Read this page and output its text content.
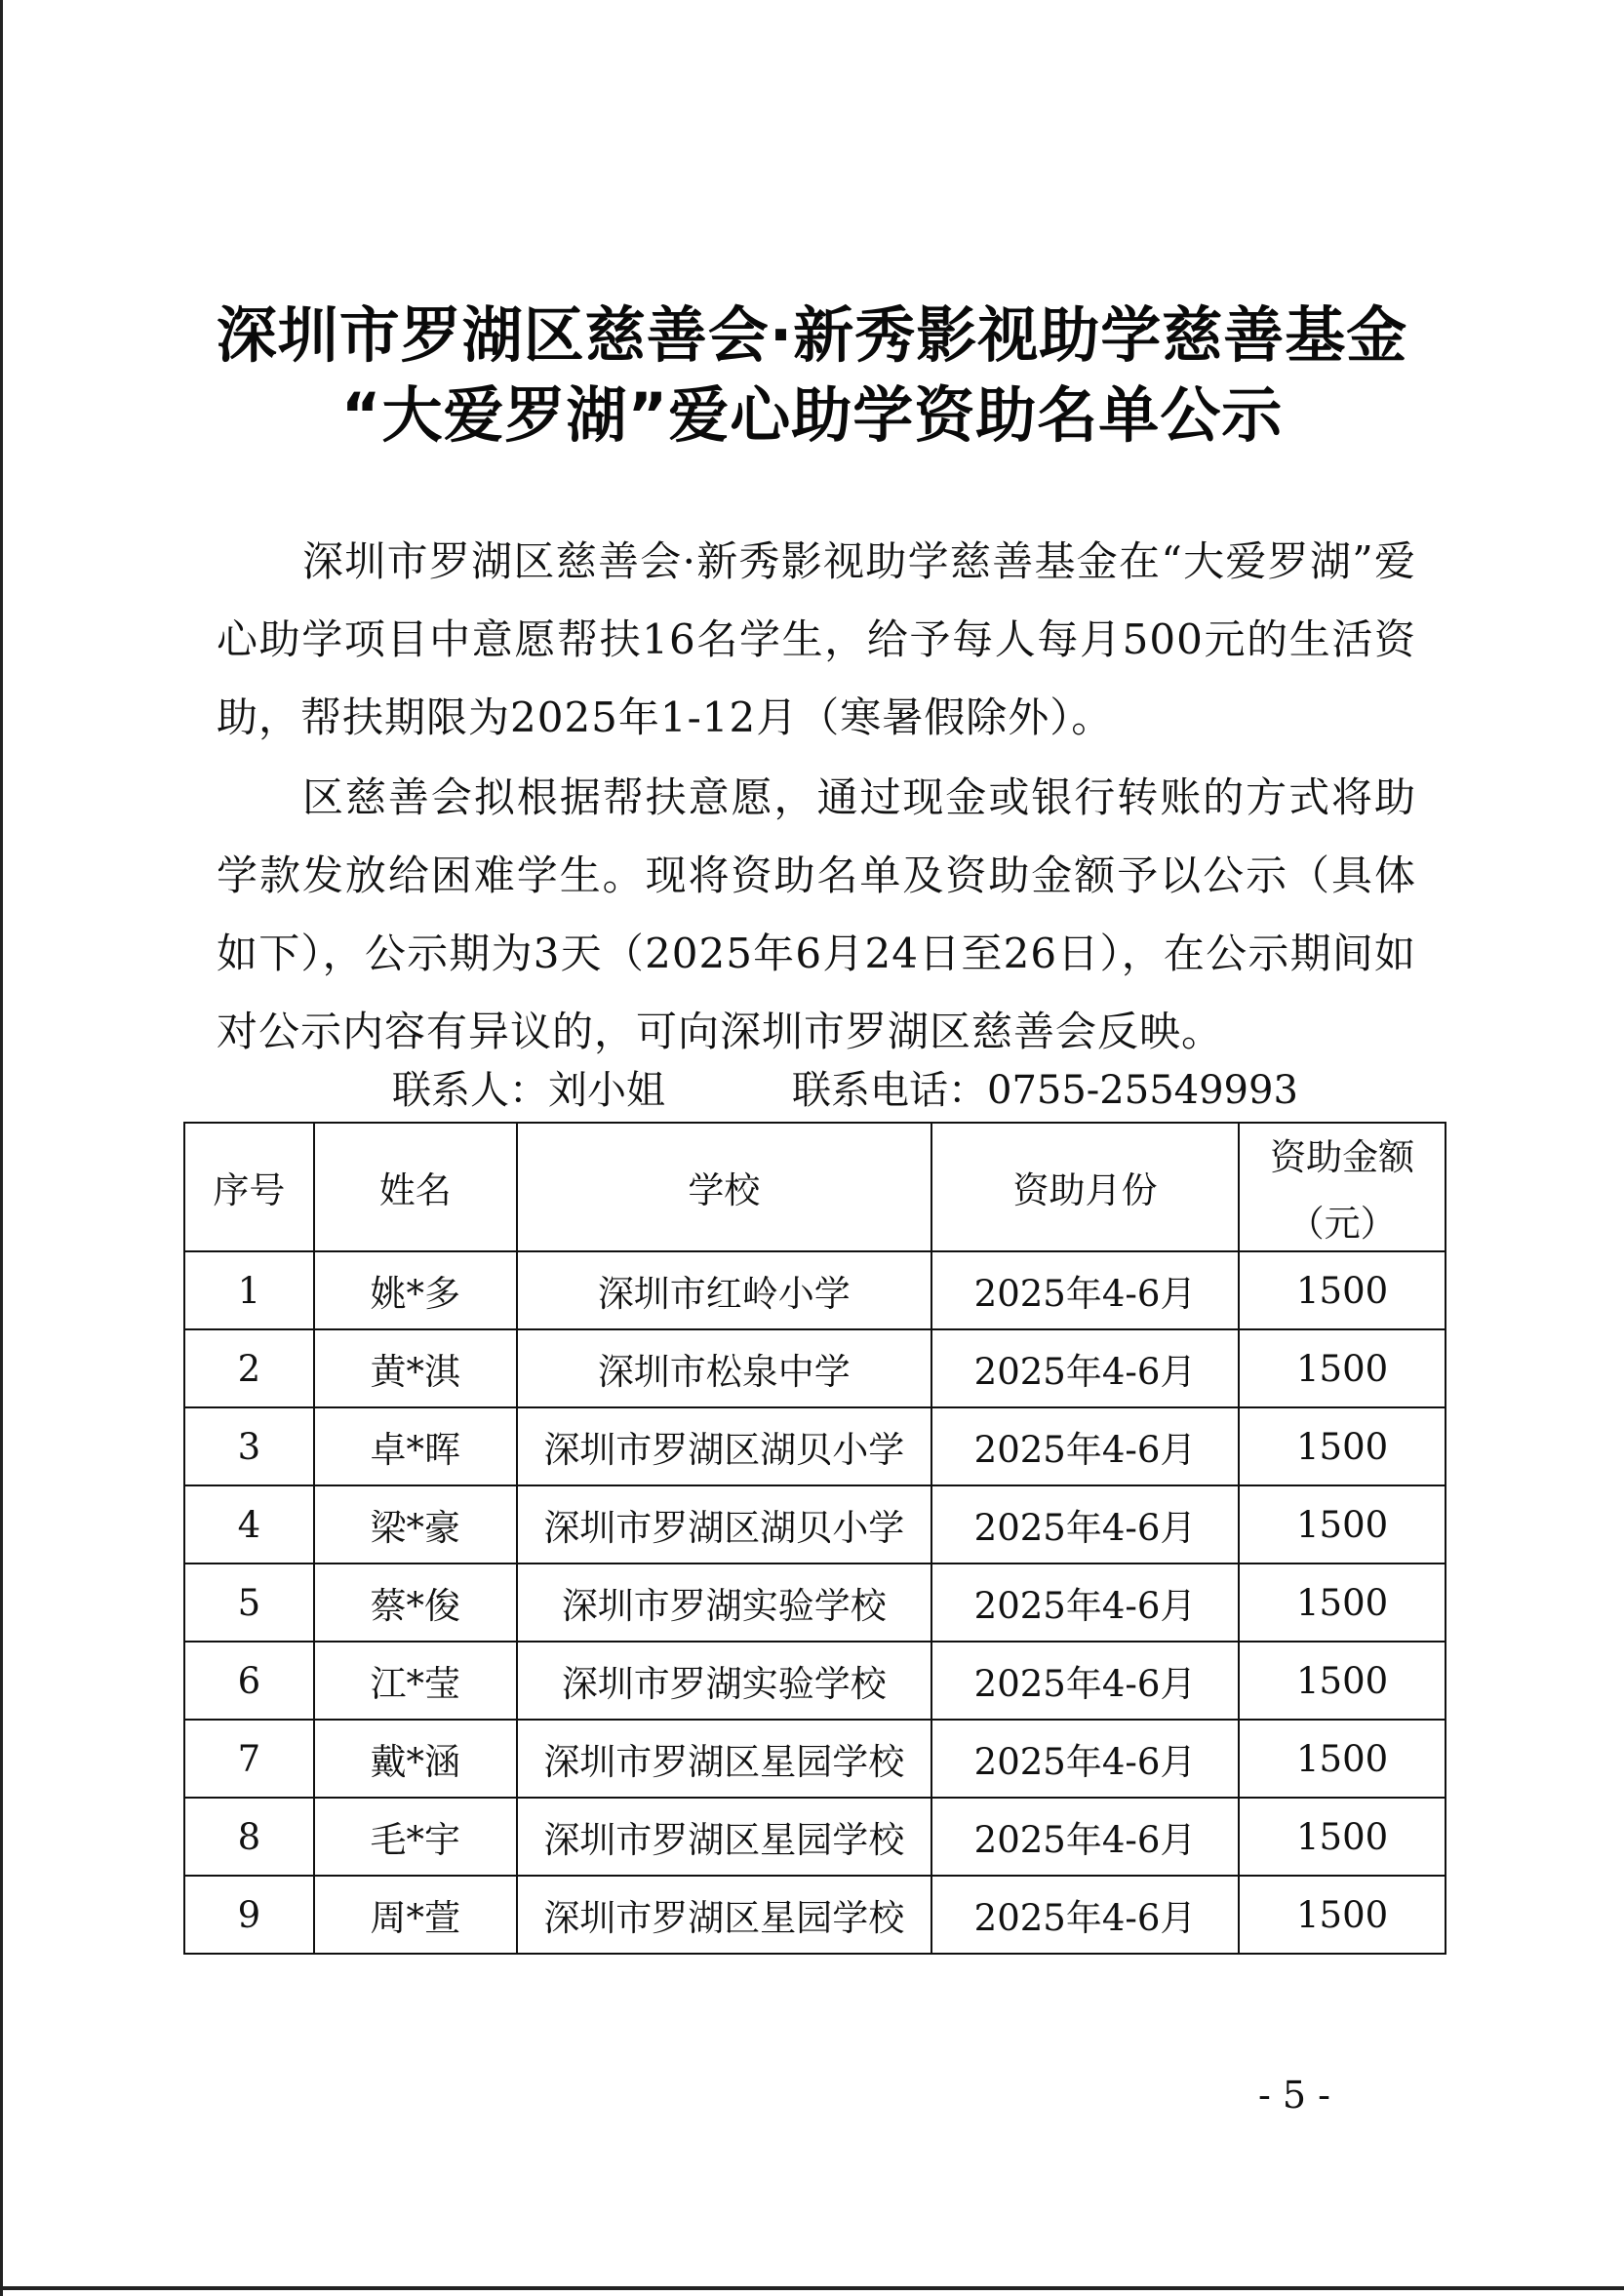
深圳市罗湖区慈善会·新秀影视助学慈善基金
“大爱罗湖”爱心助学资助名单公示

深圳市罗湖区慈善会·新秀影视助学慈善基金在“大爱罗湖”爱心助学项目中意愿帮扶16名学生，给予每人每月500元的生活资助，帮扶期限为2025年1-12月（寒暑假除外）。

区慈善会拟根据帮扶意愿，通过现金或银行转账的方式将助学款发放给困难学生。现将资助名单及资助金额予以公示（具体如下），公示期为3天（2025年6月24日至26日），在公示期间如对公示内容有异议的，可向深圳市罗湖区慈善会反映。

联系人：刘小姐	联系电话：0755-25549993
序号	姓名	学校	资助月份	资助金额
（元）

1	姚*多	深圳市红岭小学	2025年4-6月	1500
2	黄*淇	深圳市松泉中学	2025年4-6月	1500
3	卓*晖	深圳市罗湖区湖贝小学	2025年4-6月	1500
4	梁*豪	深圳市罗湖区湖贝小学	2025年4-6月	1500
5	蔡*俊	深圳市罗湖实验学校	2025年4-6月	1500
6	江*莹	深圳市罗湖实验学校	2025年4-6月	1500
7	戴*涵	深圳市罗湖区星园学校	2025年4-6月	1500
8	毛*宇	深圳市罗湖区星园学校	2025年4-6月	1500
9	周*萱	深圳市罗湖区星园学校	2025年4-6月	1500
- 5 -
